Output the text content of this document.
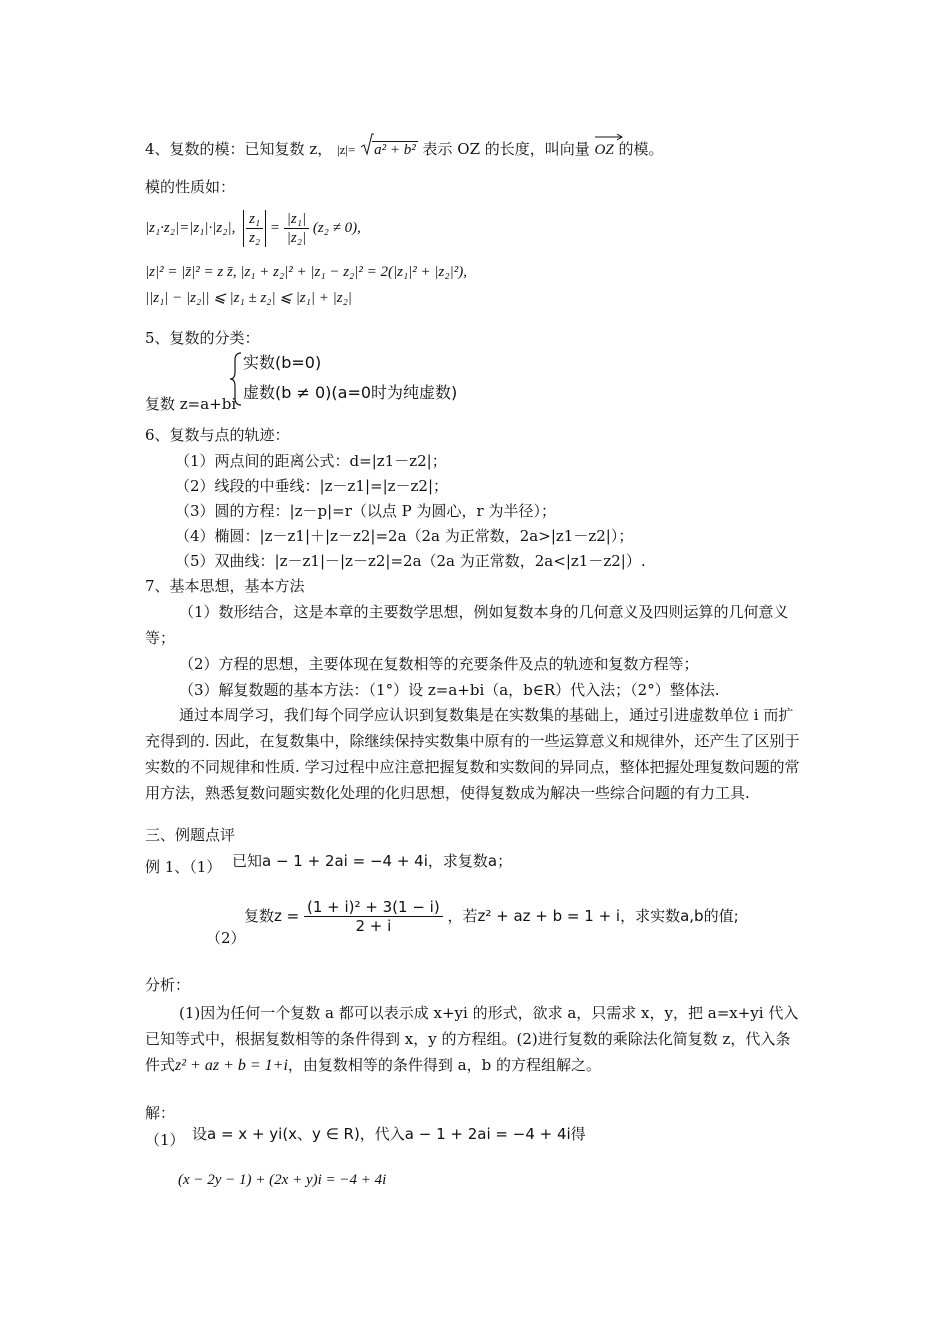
4、复数的模：已知复数 z， |z|= a² + b² 表示 OZ 的长度，叫向量 OZ 的模。
模的性质如：
|z₁·z₂|=|z₁|·|z₂|, $\frac{\text{z₁}}{\text{z₂}} = \frac{\text{|z₁|}}{\text{|z₂|}} (z_2 \ne 0)$,
|z|² = |z̄|² = z z̄, |z₁ + z₂|² + |z₁ − z₂|² = 2(|z₁|² + |z₂|²),
||z₁| − |z₂|| ⩽ |z₁ ± z₂| ⩽ |z₁| + |z₂|
5、复数的分类：
复数 z=a+bi
实数(b=0)
虚数(b ≠ 0)(a=0时为纯虚数)
6、复数与点的轨迹：
（1）两点间的距离公式：d=|z1－z2|；
（2）线段的中垂线：|z－z1|=|z－z2|；
（3）圆的方程：|z－p|=r（以点 P 为圆心，r 为半径）；
（4）椭圆：|z－z1|＋|z－z2|=2a（2a 为正常数，2a>|z1－z2|）；
（5）双曲线：|z－z1|－|z－z2|=2a（2a 为正常数，2a<|z1－z2|）.
7、基本思想，基本方法
（1）数形结合，这是本章的主要数学思想，例如复数本身的几何意义及四则运算的几何意义等；
（2）方程的思想，主要体现在复数相等的充要条件及点的轨迹和复数方程等；
（3）解复数题的基本方法：（1°）设 z=a+bi（a，b∈R）代入法；（2°）整体法.
通过本周学习，我们每个同学应认识到复数集是在实数集的基础上，通过引进虚数单位 i 而扩充得到的. 因此，在复数集中，除继续保持实数集中原有的一些运算意义和规律外，还产生了区别于实数的不同规律和性质. 学习过程中应注意把握复数和实数间的异同点，整体把握处理复数问题的常用方法，熟悉复数问题实数化处理的化归思想，使得复数成为解决一些综合问题的有力工具.
三、例题点评
例 1、（1） 已知a − 1 + 2ai = −4 + 4i，求复数a；
（2）
复数$z = \frac{\text{(1 + i)² + 3(1 − i)}}{2 + i}$ ，若z² + az + b = 1 + i，求实数a,b的值;
分析：
(1)因为任何一个复数 a 都可以表示成 x+yi 的形式，欲求 a，只需求 x，y，把 a=x+yi 代入已知等式中，根据复数相等的条件得到 x，y 的方程组。(2)进行复数的乘除法化简复数 z，代入条件式z² + az + b = 1+i，由复数相等的条件得到 a，b 的方程组解之。
解：
（1） 设a = x + yi(x、y ∈ R)，代入a − 1 + 2ai = −4 + 4i得
(x − 2y − 1) + (2x + y)i = −4 + 4i
